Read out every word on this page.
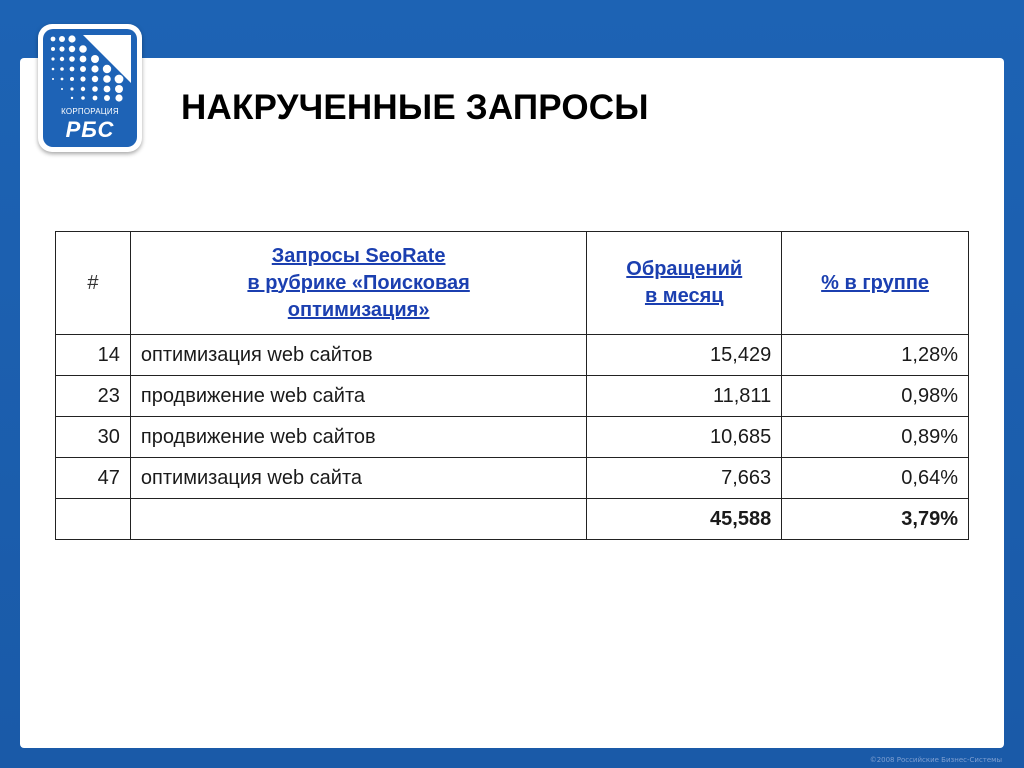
КОРПОРАЦИЯ
РБС
НАКРУЧЕННЫЕ ЗАПРОСЫ
#	Запросы SeoRate
в рубрике «Поисковая
оптимизация»	Обращений
в месяц	% в группе
14	оптимизация web сайтов	15,429	1,28%
23	продвижение web сайта	11,811	0,98%
30	продвижение web сайтов	10,685	0,89%
47	оптимизация web сайта	7,663	0,64%
		45,588	3,79%
©2008 Российские Бизнес-Системы
